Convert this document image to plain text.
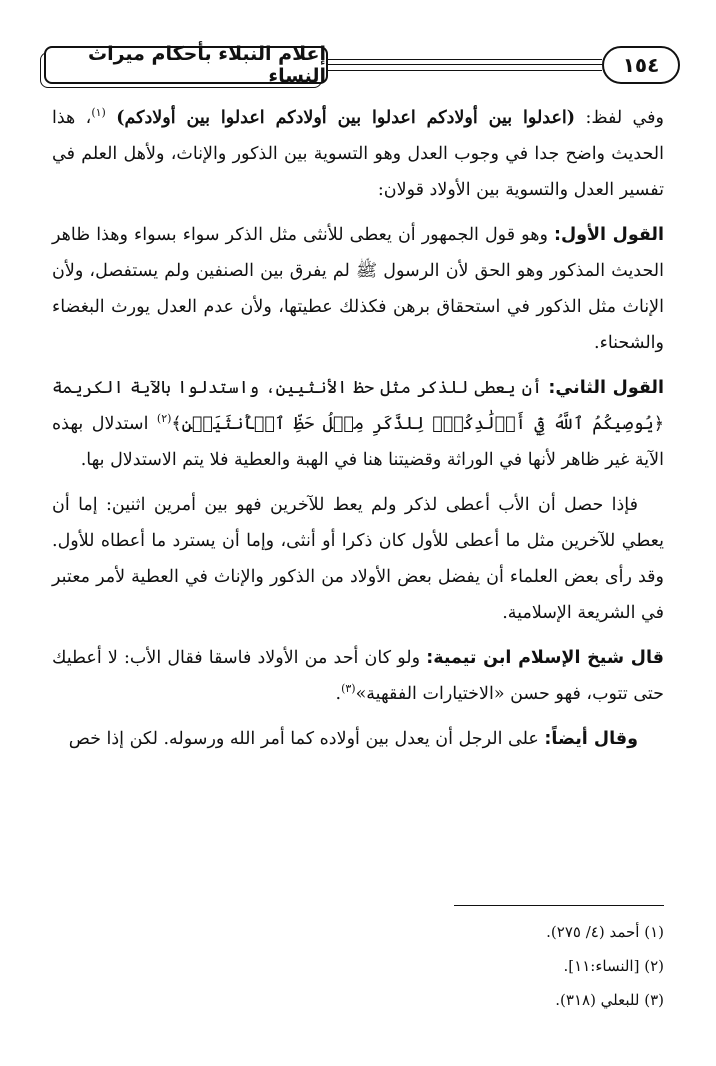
١٥٤
إعلام النبلاء بأحكام ميراث النساء

وفي لفظ: (اعدلوا بين أولادكم اعدلوا بين أولادكم اعدلوا بين أولادكم) $^{(١)}$، هذا الحديث واضح جدا في وجوب العدل وهو التسوية بين الذكور والإناث، ولأهل العلم في تفسير العدل والتسوية بين الأولاد قولان:

القول الأول: وهو قول الجمهور أن يعطى للأنثى مثل الذكر سواء بسواء وهذا ظاهر الحديث المذكور وهو الحق لأن الرسول ﷺ لم يفرق بين الصنفين ولم يستفصل، ولأن الإناث مثل الذكور في استحقاق برهن فكذلك عطيتها، ولأن عدم العدل يورث البغضاء والشحناء.

القول الثاني: أن يعطى للذكر مثل حظ الأنثيين، واستدلوا بالآية الكريمة ﴿يُوصِيكُمُ ٱللَّهُ فِيٓ أَوۡلَٰدِكُمۡۖ لِلذَّكَرِ مِثۡلُ حَظِّ ٱلۡأُنثَيَيۡنِ﴾$^{(٢)}$ استدلال بهذه الآية غير ظاهر لأنها في الوراثة وقضيتنا هنا في الهبة والعطية فلا يتم الاستدلال بها.

فإذا حصل أن الأب أعطى لذكر ولم يعط للآخرين فهو بين أمرين اثنين: إما أن يعطي للآخرين مثل ما أعطى للأول كان ذكرا أو أنثى، وإما أن يسترد ما أعطاه للأول. وقد رأى بعض العلماء أن يفضل بعض الأولاد من الذكور والإناث في العطية لأمر معتبر في الشريعة الإسلامية.

قال شيخ الإسلام ابن تيمية: ولو كان أحد من الأولاد فاسقا فقال الأب: لا أعطيك حتى تتوب، فهو حسن «الاختيارات الفقهية»$^{(٣)}$.

وقال أيضاً: على الرجل أن يعدل بين أولاده كما أمر الله ورسوله. لكن إذا خص

(١) أحمد (٤/ ٢٧٥).
(٢) [النساء:١١].
(٣) للبعلي (٣١٨).
